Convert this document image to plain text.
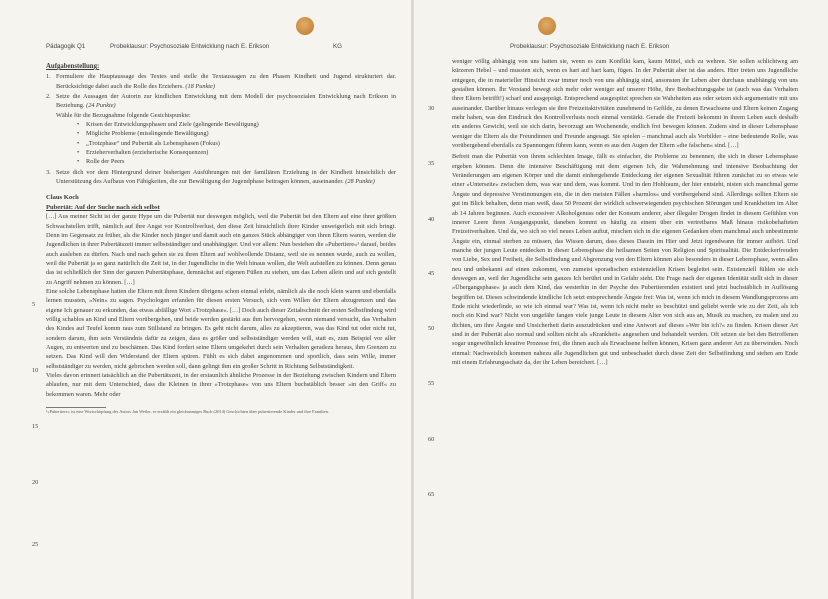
Pädagogik Q1	Probeklausur: Psychosoziale Entwicklung nach E. Erikson	KG	Probeklausur: Psychosoziale Entwicklung nach E. Erikson
Aufgabenstellung:
1. Formuliere die Hauptaussage des Textes und stelle die Textaussagen zu den Phasen Kindheit und Jugend strukturiert dar. Berücksichtige dabei auch die Rolle des Erziehers. (18 Punkte)
2. Setze die Aussagen der Autorin zur kindlichen Entwicklung mit dem Modell der psychosozialen Entwicklung nach Erikson in Beziehung. (24 Punkte)
Wähle für die Bezugnahme folgende Gesichtspunkte:
• Krisen der Entwicklungsphasen und Ziele (gelingende Bewältigung)
• Mögliche Probleme (misslingende Bewältigung)
• „Trotzphase“ und Pubertät als Lebensphasen (Fokus)
• Erzieherverhalten (erzieherische Konsequenzen)
• Rolle der Peers
3. Setze dich vor dem Hintergrund deiner bisherigen Ausführungen mit der familiären Erziehung in der Kindheit hinsichtlich der Unterstützung des Aufbaus von Fähigkeiten, die zur Bewältigung der Jugendphase beitragen können, auseinander. (28 Punkte)

Claus Koch

Pubertät: Auf der Suche nach sich selbst

[…] Aus meiner Sicht ist der ganze Hype um die Pubertät nur deswegen möglich, weil die Pubertät bei den Eltern auf eine ihrer größten Schwachstellen trifft, nämlich auf ihre Angst vor Kontrollverlust, den diese Zeit hinsichtlich ihrer Kinder unweigerlich mit sich bringt. Denn im Gegensatz zu früher, als die Kinder noch jünger und damit auch ein ganzes Stück abhängiger von ihren Eltern waren, werden die Jugendlichen in ihrer Pubertätszeit immer selbstständiger und unabhängiger. Und vor allem: Nun bestehen die »Pubertiere«¹ darauf, beides auch ausleben zu dürfen. Nach und nach gehen sie zu ihren Eltern auf wohlwollende Distanz, weil sie es nennen wurde, auch zu wollen, weil die Pubertät ja so ganz natürlich die Zeit ist, in der Jugendliche in die Welt hinaus wollen, die Welt aufstellen zu können. Denn genau das ist schließlich der Sinn der ganzen Pubertätsphase, demnächst auf eigenen Füßen zu stehen, um das Leben allein und auf sich gestellt zu Angriff nehmen zu können. […]

Eine solche Lebensphase hatten die Eltern mit ihren Kindern übrigens schon einmal erlebt, nämlich als die noch klein waren und ebenfalls lernen mussten, »Nein« zu sagen. Psychologen erfanden für diesen ersten Versuch, sich vom Willen der Eltern abzugrenzen und das eigene Ich genauer zu erkunden, das etwas abfällige Wort »Trotzphase«. […] Doch auch dieser Zeitabschnitt der ersten Selbstfindung wird völlig schablos an Kind und Eltern vorübergehen, und beide werden gestärkt aus ihm hervorgehen, wenn niemand versucht, das Verhalten des Kindes auf Teufel komm raus zum Stillstand zu bringen. Es geht nicht darum, alles zu akzeptieren, was das Kind tut oder nicht tut, sondern darum, ihm sein Verständnis dafür zu zeigen, dass es größer und selbstständiger werden will, statt es, zum Beispiel vor aller Augen, zu entwerten und zu beschämen. Das Kind fordert seine Eltern umgekehrt durch sein Verhalten geradezu heraus, ihm Grenzen zu setzen. Das Kind will den Widerstand der Eltern spüren. Fühlt es sich dabei angenommen und sportlich, dass sein Wille, immer selbstständiger zu werden, nicht gebrochen werden soll, dann gelingt ihm ein großer Schritt in Richtung Selbstständigkeit.

Vieles davon erinnert tatsächlich an die Pubertätszeit, in der erstaunlich ähnliche Prozesse in der Beziehung zwischen Kindern und Eltern ablaufen, nur mit dem Unterschied, dass die Kleinen in ihrer »Trotzphase« von uns Eltern buchstäblich besser »in den Griff« zu bekommen waren. Mehr oder

¹»Pubertiere« ist eine Wortschöpfung des Autors Jan Weiler, er erzählt ein gleichnamiges Buch (2014) Geschichten über pubertierende Kinder und ihre Familien.

5
10
15
20
25

weniger völlig abhängig von uns hatten sie, wenn es zum Konflikt kam, kaum Mittel, sich zu wehren. Sie sollen schlichtweg am kürzeren Hebel – und mussten sich, wenn es hart auf hart kam, fügen. In der Pubertät aber ist das anders. Hier treten uns Jugendliche entgegen, die in materieller Hinsicht zwar immer noch von uns abhängig sind, ansonsten ihr Leben aber durchaus unabhängig von uns gestalten können. Ihr Verstand bewegt sich mehr oder weniger auf unserer Höhe, ihre Beobachtungsgabe ist (auch was das Verhalten ihrer Eltern betrifft!) scharf und ausgeprägt. Entsprechend ausgespitzt sprechen sie Wahrheiten aus oder setzen sich argumentativ mit uns auseinander. Darüber hinaus verlegen sie ihre Freizeitaktivitäten zunehmend in Gefilde, zu denen Erwachsene und Eltern keinen Zugang mehr haben, was den Eindruck des Kontrollverlusts noch einmal verstärkt. Gerade die Freizeit bekommt in ihrem Leben auch deshalb ein anderes Gewicht, weil sie sich darin, bevorzugt am Wochenende, endlich frei bewegen können. Zudem sind in dieser Lebensphase weniger die Eltern als die Freundinnen und Freunde angesagt. Sie spielen – manchmal auch als Vorbilder – eine bedeutende Rolle, was vorübergehend ebenfalls zu Spannungen führen kann, wenn es aus den Augen der Eltern »die falschen« sind. […]

Befreit man die Pubertät von ihrem schlechten Image, fällt es einfacher, die Probleme zu benennen, die sich in dieser Lebensphase ergeben können. Denn die intensive Beschäftigung mit dem eigenen Ich, die Wahrnehmung und intensive Beobachtung der Veränderungen am eigenen Körper und die damit einhergehende Entdeckung der eigenen Sexualität führen zunächst zu so etwas wie einer »Unterseite« zwischen dem, was war und dem, was kommt. Und in den Hohlraum, der hier entsteht, nisten sich manchmal gerne Ängste und depressive Verstimmungen ein, die in den meisten Fällen »harmlos« und vorübergehend sind. Allerdings sollten Eltern sie gut im Blick behalten, denn man weiß, dass 50 Prozent der wirklich schwerwiegenden psychischen Störungen und Krankheiten im Alter ab 14 Jahren beginnen. Auch exzessiver Alkoholgenuss oder der Konsum anderer, aber illegaler Drogen findet in diesem Gefühlen von innerer Leere ihren Ausgangspunkt, daneben kommt es häufig zu einem über ein vertretbares Maß hinaus risikobehafteten Freizeitverhalten. Und da, wo sich so viel neues Leben auftut, mischen sich in die eigenen Gedanken eben manchmal auch unbestimmte Ängste ein, einmal sterben zu müssen, das Wissen darum, dass dieses Dasein im Hier und Jetzt irgendwann für immer aufhört. Und manche der jungen Leute entdecken in dieser Lebensphase die heilsamen Seiten von Religion und Spiritualität. Die Entdeckerfreuden von Liebe, Sex und Freiheit, die Selbstfindung und Abgrenzung von den Eltern können also besonders in dieser Lebensphase, wenn alles neu und unbekannt auf einen zukommt, von zumeist sporadischen existenziellen Krisen begleitet sein. Existenziell fühlen sie sich deswegen an, weil der Jugendliche sein ganzes Ich berührt und in Gefahr sieht. Die Frage nach der eigenen Identität stellt sich in dieser »Übergangsphase« ja auch dem Kind, das westerhin in der Psyche des Pubertierenden existiert und jetzt buchstäblich in Auflösung begriffen ist. Dieses schwindende kindliche Ich setzt entsprechende Ängste frei: Was ist, wenn ich mich in diesem Wandlungsprozess am Ende nicht wiederfinde, so wie ich einmal war? Was ist, wenn ich nicht mehr so beschützt und geliebt werde wie zu der Zeit, als ich noch ein Kind war? Nicht von ungefähr fangen viele junge Leute in diesem Alter von sich aus an, Musik zu machen, zu malen und zu dichten, um ihre Ängste und Unsicherheit darin auszudrücken und eine Antwort auf dieses »Wer bin ich?« zu finden. Krisen dieser Art sind in der Pubertät also normal und sollten nicht als »Krankheit« angesehen und behandelt werden. Oft setzen sie bei den Betroffenen sogar ungewöhnlich kreative Prozesse frei, die ihnen auch als Erwachsene helfen können, Krisen ganz anderer Art zu überwinden. Noch einmal: Nachweislich kommen nahezu alle Jugendlichen gut und unbeschadet durch diese Zeit der Selbstfindung und stehen am Ende mit einem Erfahrungsschatz da, der ihr Leben bereichert. […]

30
35
40
45
50
55
60
65
